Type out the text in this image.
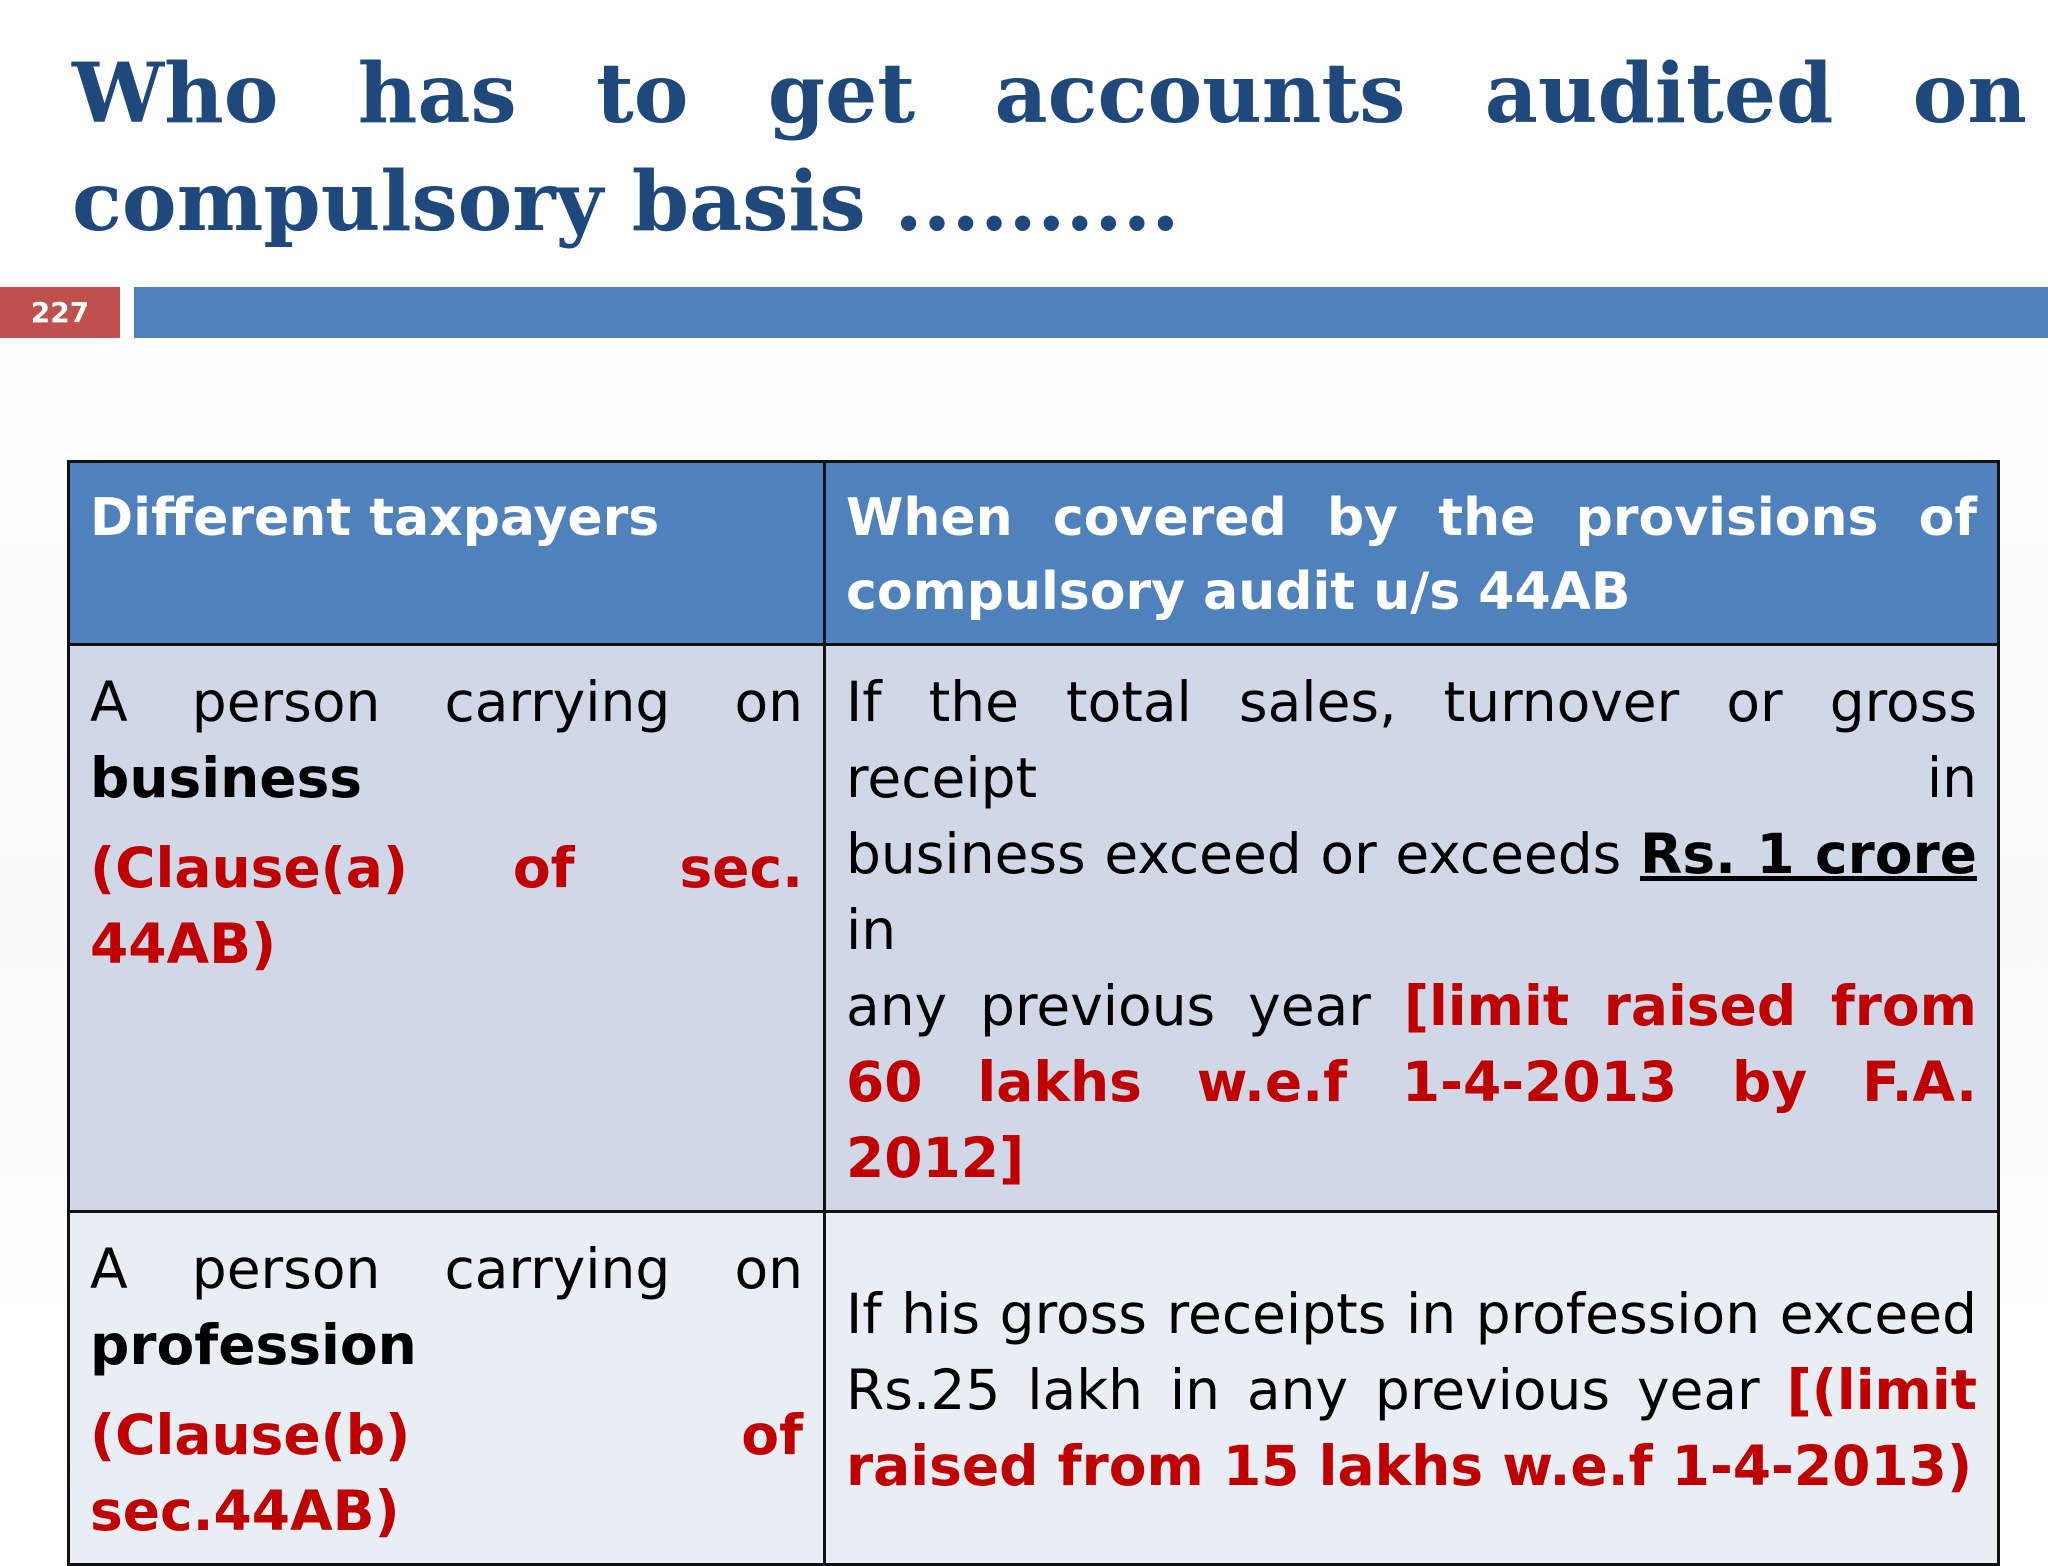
Who has to get accounts audited on compulsory basis ..........
227
Different taxpayers	When covered by the provisions of compulsory audit u/s 44AB

A person carrying on
business
(Clause(a) of sec. 44AB)	If the total sales, turnover or gross receipt in
business exceed or exceeds Rs. 1 crore in
any previous year [limit raised from 60 lakhs w.e.f 1-4-2013 by F.A. 2012]

A person carrying on
profession
(Clause(b) of sec.44AB)	If his gross receipts in profession exceed Rs.25 lakh in any previous year [(limit raised from 15 lakhs w.e.f 1-4-2013)
